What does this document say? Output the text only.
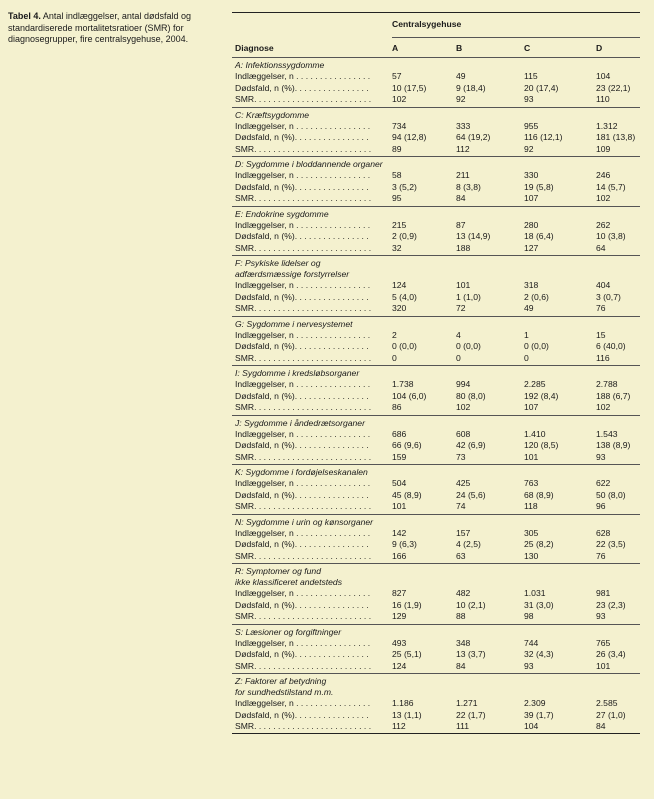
Tabel 4. Antal indlæggelser, antal dødsfald og standardiserede mortalitetsratioer (SMR) for diagnosegrupper, fire centralsygehuse, 2004.
Centralsygehuse
Diagnose	A	B	C	D
A: Infektionssygdomme
Indlæggelser, n . . . . . . . . . . . . . . . .	57	49	115	104
Dødsfald, n (%). . . . . . . . . . . . . . . .	10 (17,5)	9 (18,4)	20 (17,4)	23 (22,1)
SMR. . . . . . . . . . . . . . . . . . . . . . . . . 102	92	93	110
C: Kræftsygdomme
Indlæggelser, n . . . . . . . . . . . . . . . .	734	333	955	1.312
Dødsfald, n (%). . . . . . . . . . . . . . . .	94 (12,8)	64 (19,2)	116 (12,1)	181 (13,8)
SMR. . . . . . . . . . . . . . . . . . . . . . . . . 89	112	92	109
D: Sygdomme i bloddannende organer
Indlæggelser, n . . . . . . . . . . . . . . . .	58	211	330	246
Dødsfald, n (%). . . . . . . . . . . . . . . .	3 (5,2)	8 (3,8)	19 (5,8)	14 (5,7)
SMR. . . . . . . . . . . . . . . . . . . . . . . . . 95	84	107	102
E: Endokrine sygdomme
Indlæggelser, n . . . . . . . . . . . . . . . .	215	87	280	262
Dødsfald, n (%). . . . . . . . . . . . . . . .	2 (0,9)	13 (14,9)	18 (6,4)	10 (3,8)
SMR. . . . . . . . . . . . . . . . . . . . . . . . . 32	188	127	64
F: Psykiske lidelser og
adfærdsmæssige forstyrrelser
Indlæggelser, n . . . . . . . . . . . . . . . .	124	101	318	404
Dødsfald, n (%). . . . . . . . . . . . . . . .	5 (4,0)	1 (1,0)	2 (0,6)	3 (0,7)
SMR. . . . . . . . . . . . . . . . . . . . . . . . . 320	72	49	76
G: Sygdomme i nervesystemet
Indlæggelser, n . . . . . . . . . . . . . . . .	2	4	1	15
Dødsfald, n (%). . . . . . . . . . . . . . . .	0 (0,0)	0 (0,0)	0 (0,0)	6 (40,0)
SMR. . . . . . . . . . . . . . . . . . . . . . . . . 0	0	0	116
I: Sygdomme i kredsløbsorganer
Indlæggelser, n . . . . . . . . . . . . . . . .	1.738	994	2.285	2.788
Dødsfald, n (%). . . . . . . . . . . . . . . .	104 (6,0)	80 (8,0)	192 (8,4)	188 (6,7)
SMR. . . . . . . . . . . . . . . . . . . . . . . . . 86	102	107	102
J: Sygdomme i åndedrætsorganer
Indlæggelser, n . . . . . . . . . . . . . . . .	686	608	1.410	1.543
Dødsfald, n (%). . . . . . . . . . . . . . . .	66 (9,6)	42 (6,9)	120 (8,5)	138 (8,9)
SMR. . . . . . . . . . . . . . . . . . . . . . . . . 159	73	101	93
K: Sygdomme i fordøjelseskanalen
Indlæggelser, n . . . . . . . . . . . . . . . .	504	425	763	622
Dødsfald, n (%). . . . . . . . . . . . . . . .	45 (8,9)	24 (5,6)	68 (8,9)	50 (8,0)
SMR. . . . . . . . . . . . . . . . . . . . . . . . . 101	74	118	96
N: Sygdomme i urin og kønsorganer
Indlæggelser, n . . . . . . . . . . . . . . . .	142	157	305	628
Dødsfald, n (%). . . . . . . . . . . . . . . .	9 (6,3)	4 (2,5)	25 (8,2)	22 (3,5)
SMR. . . . . . . . . . . . . . . . . . . . . . . . . 166	63	130	76
R: Symptomer og fund
ikke klassificeret andetsteds
Indlæggelser, n . . . . . . . . . . . . . . . .	827	482	1.031	981
Dødsfald, n (%). . . . . . . . . . . . . . . .	16 (1,9)	10 (2,1)	31 (3,0)	23 (2,3)
SMR. . . . . . . . . . . . . . . . . . . . . . . . . 129	88	98	93
S: Læsioner og forgiftninger
Indlæggelser, n . . . . . . . . . . . . . . . .	493	348	744	765
Dødsfald, n (%). . . . . . . . . . . . . . . .	25 (5,1)	13 (3,7)	32 (4,3)	26 (3,4)
SMR. . . . . . . . . . . . . . . . . . . . . . . . . 124	84	93	101
Z: Faktorer af betydning
for sundhedstilstand m.m.
Indlæggelser, n . . . . . . . . . . . . . . . .	1.186	1.271	2.309	2.585
Dødsfald, n (%). . . . . . . . . . . . . . . .	13 (1,1)	22 (1,7)	39 (1,7)	27 (1,0)
SMR. . . . . . . . . . . . . . . . . . . . . . . . . 112	111	104	84
